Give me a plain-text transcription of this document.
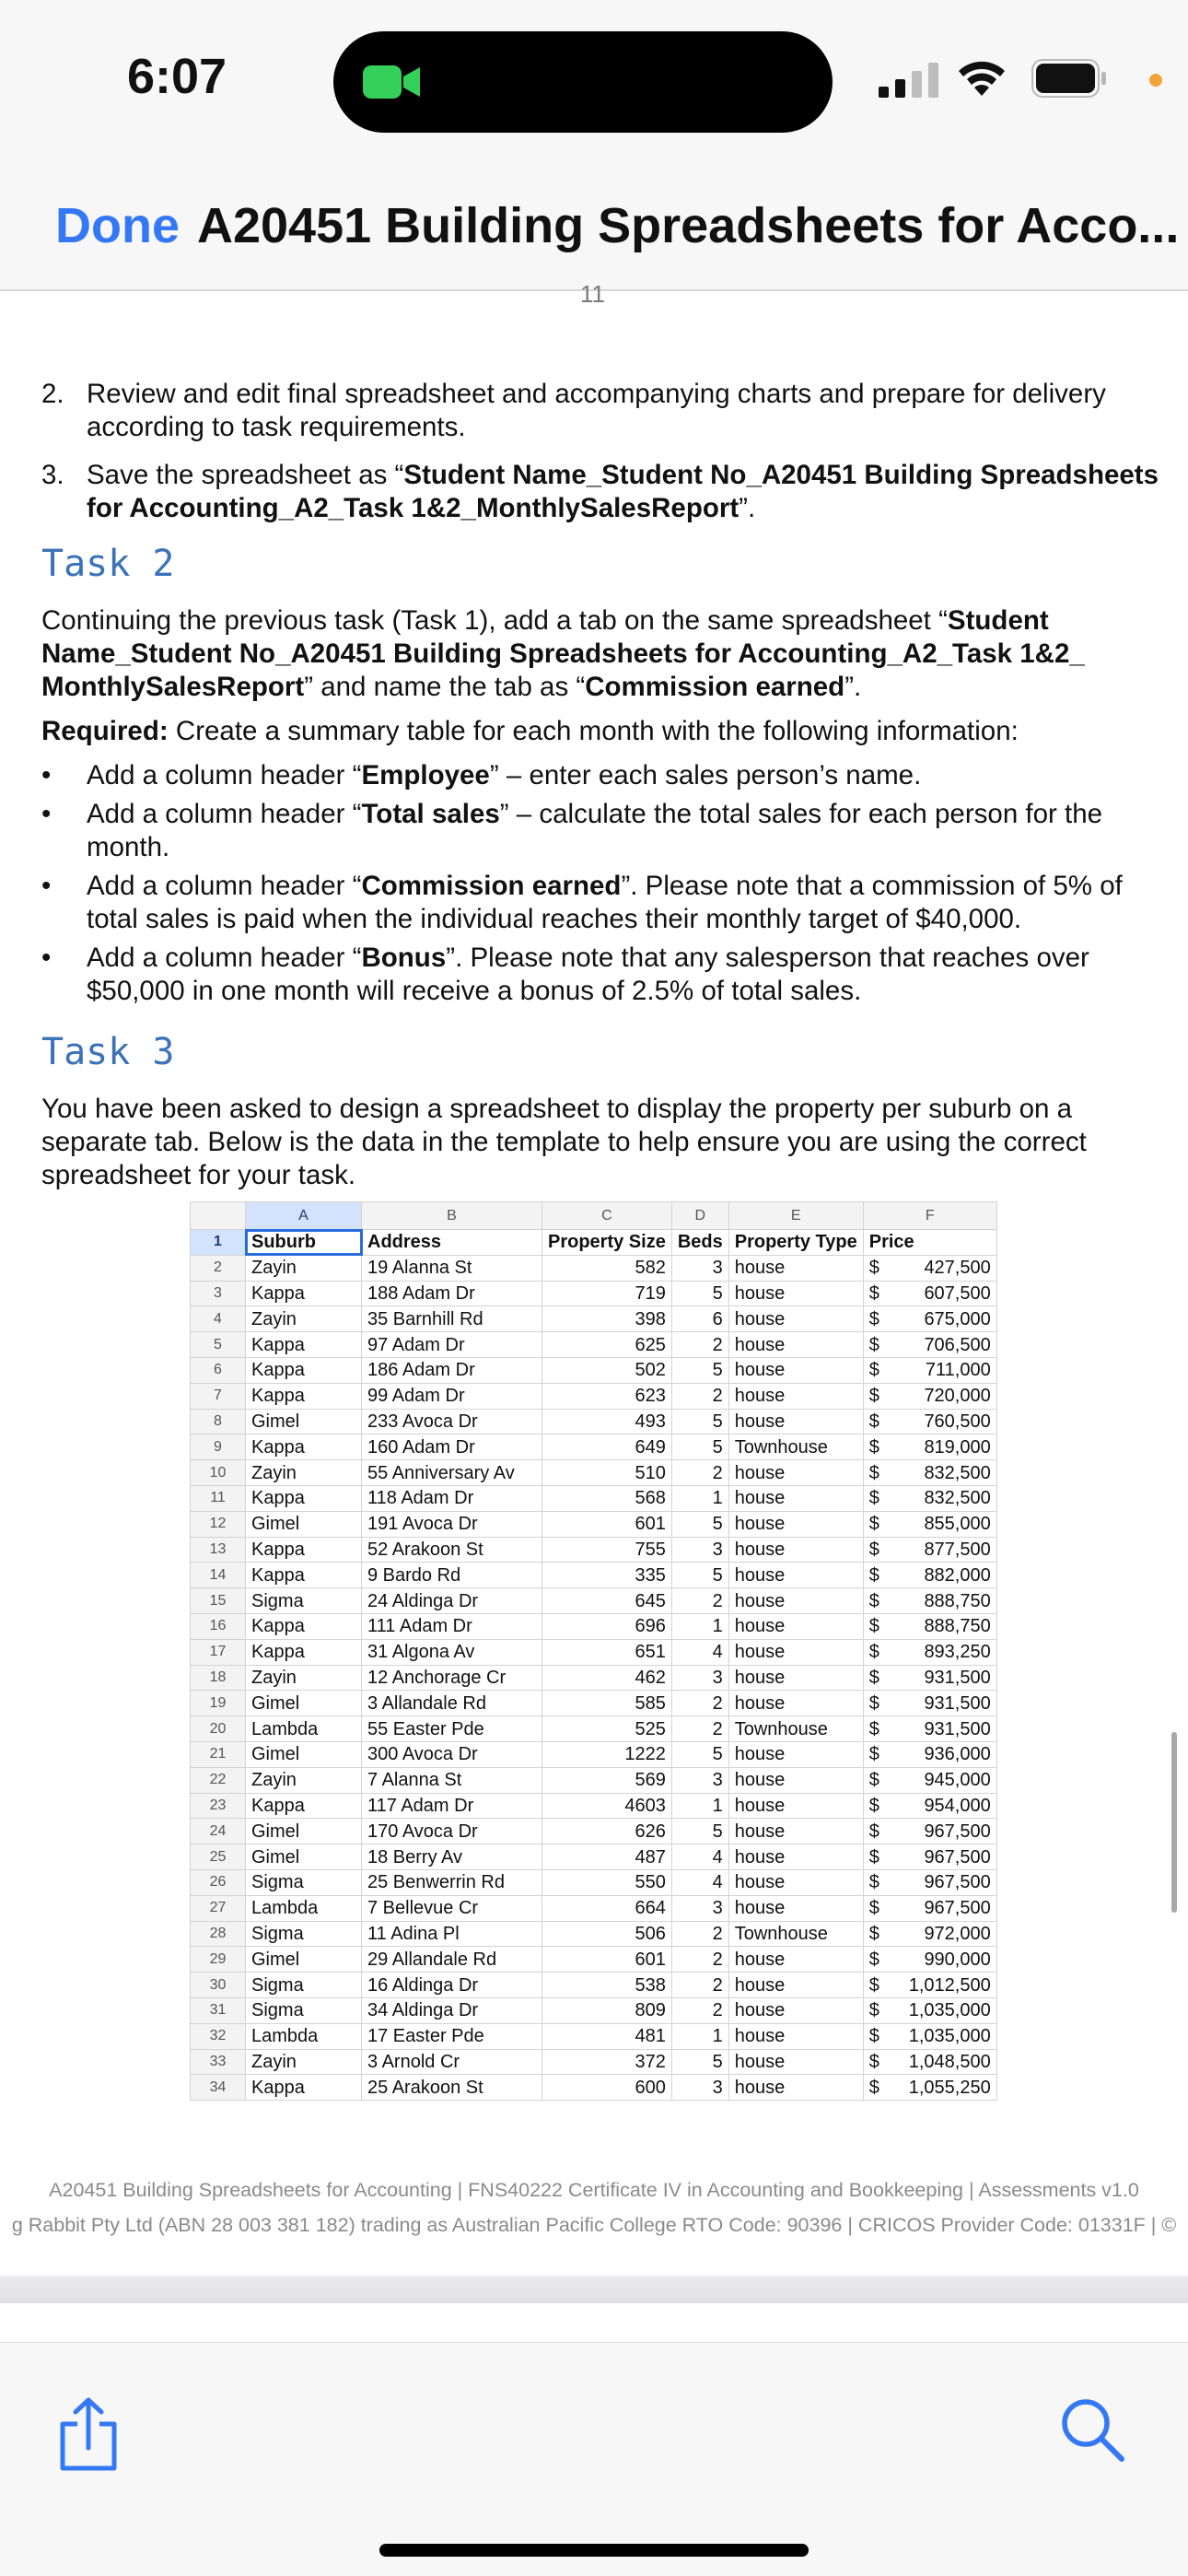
6:07
Done A20451 Building Spreadsheets for Acco...
11
2. Review and edit final spreadsheet and accompanying charts and prepare for delivery according to task requirements.
3. Save the spreadsheet as “Student Name_Student No_A20451 Building Spreadsheets for Accounting_A2_Task 1&2_MonthlySalesReport”.
Task 2

Continuing the previous task (Task 1), add a tab on the same spreadsheet “Student Name_Student No_A20451 Building Spreadsheets for Accounting_A2_Task 1&2_ MonthlySalesReport” and name the tab as “Commission earned”.

Required: Create a summary table for each month with the following information:

• Add a column header “Employee” – enter each sales person’s name.
• Add a column header “Total sales” – calculate the total sales for each person for the month.
• Add a column header “Commission earned”. Please note that a commission of 5% of total sales is paid when the individual reaches their monthly target of $40,000.
• Add a column header “Bonus”. Please note that any salesperson that reaches over $50,000 in one month will receive a bonus of 2.5% of total sales.
Task 3

You have been asked to design a spreadsheet to display the property per suburb on a separate tab. Below is the data in the template to help ensure you are using the correct spreadsheet for your task.

	A	B	C	D	E	F
1	Suburb	Address	Property Size	Beds	Property Type	Price
2	Zayin	19 Alanna St	582	3	house	$ 427,500

3	Kappa	188 Adam Dr	719	5	house	$ 607,500

4	Zayin	35 Barnhill Rd	398	6	house	$ 675,000

5	Kappa	97 Adam Dr	625	2	house	$ 706,500

6	Kappa	186 Adam Dr	502	5	house	$ 711,000

7	Kappa	99 Adam Dr	623	2	house	$ 720,000

8	Gimel	233 Avoca Dr	493	5	house	$ 760,500

9	Kappa	160 Adam Dr	649	5	Townhouse	$ 819,000

10	Zayin	55 Anniversary Av	510	2	house	$ 832,500

11	Kappa	118 Adam Dr	568	1	house	$ 832,500

12	Gimel	191 Avoca Dr	601	5	house	$ 855,000

13	Kappa	52 Arakoon St	755	3	house	$ 877,500

14	Kappa	9 Bardo Rd	335	5	house	$ 882,000

15	Sigma	24 Aldinga Dr	645	2	house	$ 888,750

16	Kappa	111 Adam Dr	696	1	house	$ 888,750

17	Kappa	31 Algona Av	651	4	house	$ 893,250

18	Zayin	12 Anchorage Cr	462	3	house	$ 931,500

19	Gimel	3 Allandale Rd	585	2	house	$ 931,500

20	Lambda	55 Easter Pde	525	2	Townhouse	$ 931,500

21	Gimel	300 Avoca Dr	1222	5	house	$ 936,000

22	Zayin	7 Alanna St	569	3	house	$ 945,000

23	Kappa	117 Adam Dr	4603	1	house	$ 954,000

24	Gimel	170 Avoca Dr	626	5	house	$ 967,500

25	Gimel	18 Berry Av	487	4	house	$ 967,500

26	Sigma	25 Benwerrin Rd	550	4	house	$ 967,500

27	Lambda	7 Bellevue Cr	664	3	house	$ 967,500

28	Sigma	11 Adina Pl	506	2	Townhouse	$ 972,000

29	Gimel	29 Allandale Rd	601	2	house	$ 990,000

30	Sigma	16 Aldinga Dr	538	2	house	$ 1,012,500

31	Sigma	34 Aldinga Dr	809	2	house	$ 1,035,000

32	Lambda	17 Easter Pde	481	1	house	$ 1,035,000

33	Zayin	3 Arnold Cr	372	5	house	$ 1,048,500

34	Kappa	25 Arakoon St	600	3	house	$ 1,055,250
A20451 Building Spreadsheets for Accounting | FNS40222 Certificate IV in Accounting and Bookkeeping | Assessments v1.0
g Rabbit Pty Ltd (ABN 28 003 381 182) trading as Australian Pacific College RTO Code: 90396 | CRICOS Provider Code: 01331F | ©
